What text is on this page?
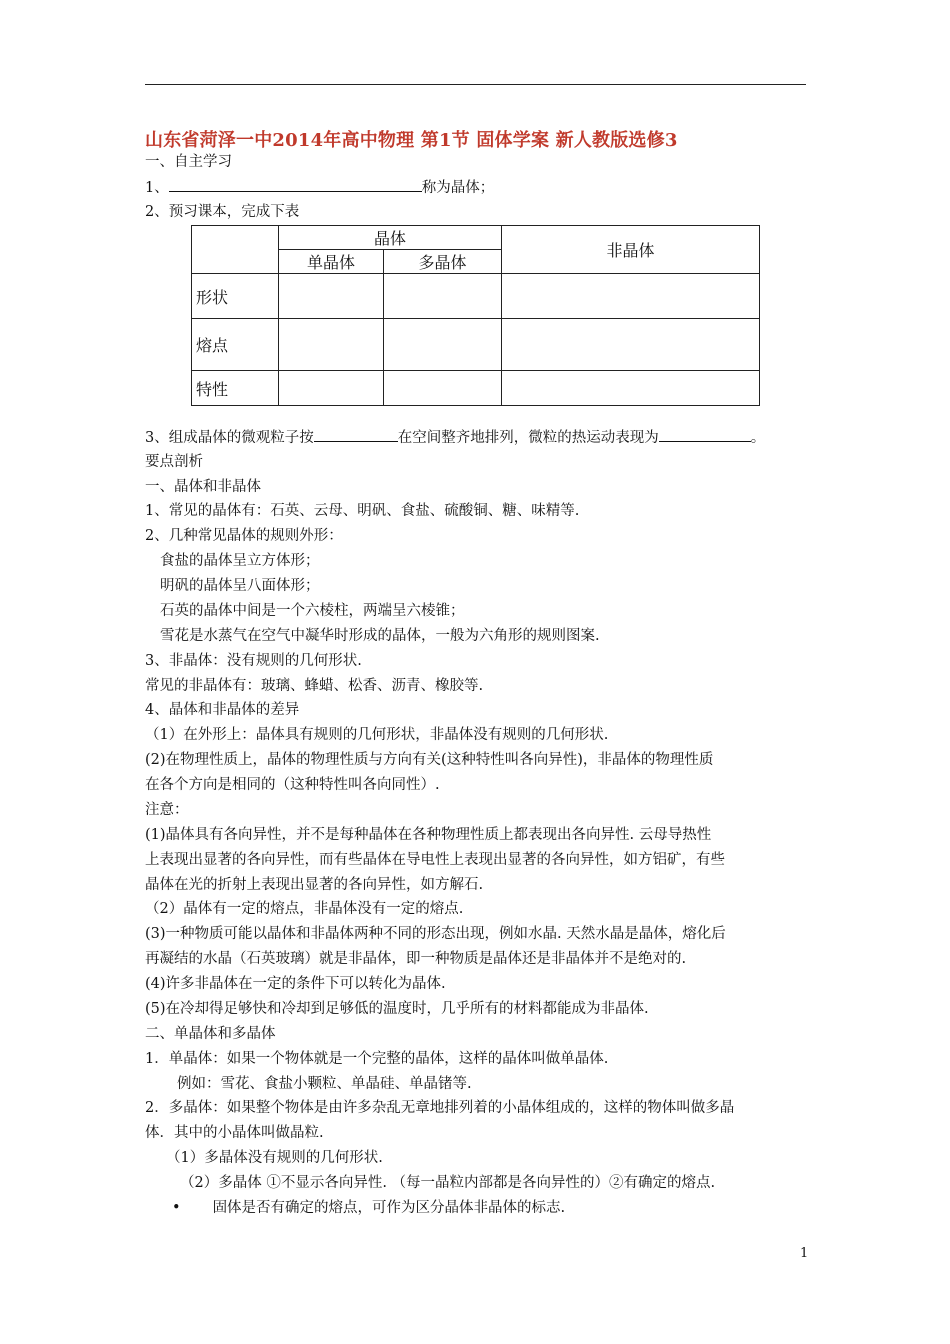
山东省菏泽一中2014年高中物理 第1节 固体学案 新人教版选修3
一、自主学习
1、	称为晶体；
2、预习课本，完成下表
	晶体		非晶体
	单晶体	多晶体	
形状			
熔点			
特性			
3、组成晶体的微观粒子按	在空间整齐地排列，微粒的热运动表现为	。
要点剖析
一、晶体和非晶体
1、常见的晶体有：石英、云母、明矾、食盐、硫酸铜、糖、味精等.
2、几种常见晶体的规则外形：
食盐的晶体呈立方体形；
明矾的晶体呈八面体形；
石英的晶体中间是一个六棱柱，两端呈六棱锥；
雪花是水蒸气在空气中凝华时形成的晶体，一般为六角形的规则图案.
3、非晶体：没有规则的几何形状.
常见的非晶体有：玻璃、蜂蜡、松香、沥青、橡胶等.
4、晶体和非晶体的差异
（1）在外形上：晶体具有规则的几何形状，非晶体没有规则的几何形状.
(2)在物理性质上，晶体的物理性质与方向有关(这种特性叫各向异性)，非晶体的物理性质
在各个方向是相同的（这种特性叫各向同性）.
注意：
(1)晶体具有各向异性，并不是每种晶体在各种物理性质上都表现出各向异性. 云母导热性
上表现出显著的各向异性，而有些晶体在导电性上表现出显著的各向异性，如方铝矿，有些
晶体在光的折射上表现出显著的各向异性，如方解石.
（2）晶体有一定的熔点，非晶体没有一定的熔点.
(3)一种物质可能以晶体和非晶体两种不同的形态出现，例如水晶. 天然水晶是晶体，熔化后
再凝结的水晶（石英玻璃）就是非晶体，即一种物质是晶体还是非晶体并不是绝对的.
(4)许多非晶体在一定的条件下可以转化为晶体.
(5)在冷却得足够快和冷却到足够低的温度时，几乎所有的材料都能成为非晶体.
二、单晶体和多晶体
1．单晶体：如果一个物体就是一个完整的晶体，这样的晶体叫做单晶体.
例如：雪花、食盐小颗粒、单晶硅、单晶锗等.
2．多晶体：如果整个物体是由许多杂乱无章地排列着的小晶体组成的，这样的物体叫做多晶
体．其中的小晶体叫做晶粒.
（1）多晶体没有规则的几何形状.
（2）多晶体 ①不显示各向异性. （每一晶粒内部都是各向异性的）②有确定的熔点.
• 固体是否有确定的熔点，可作为区分晶体非晶体的标志.
1
